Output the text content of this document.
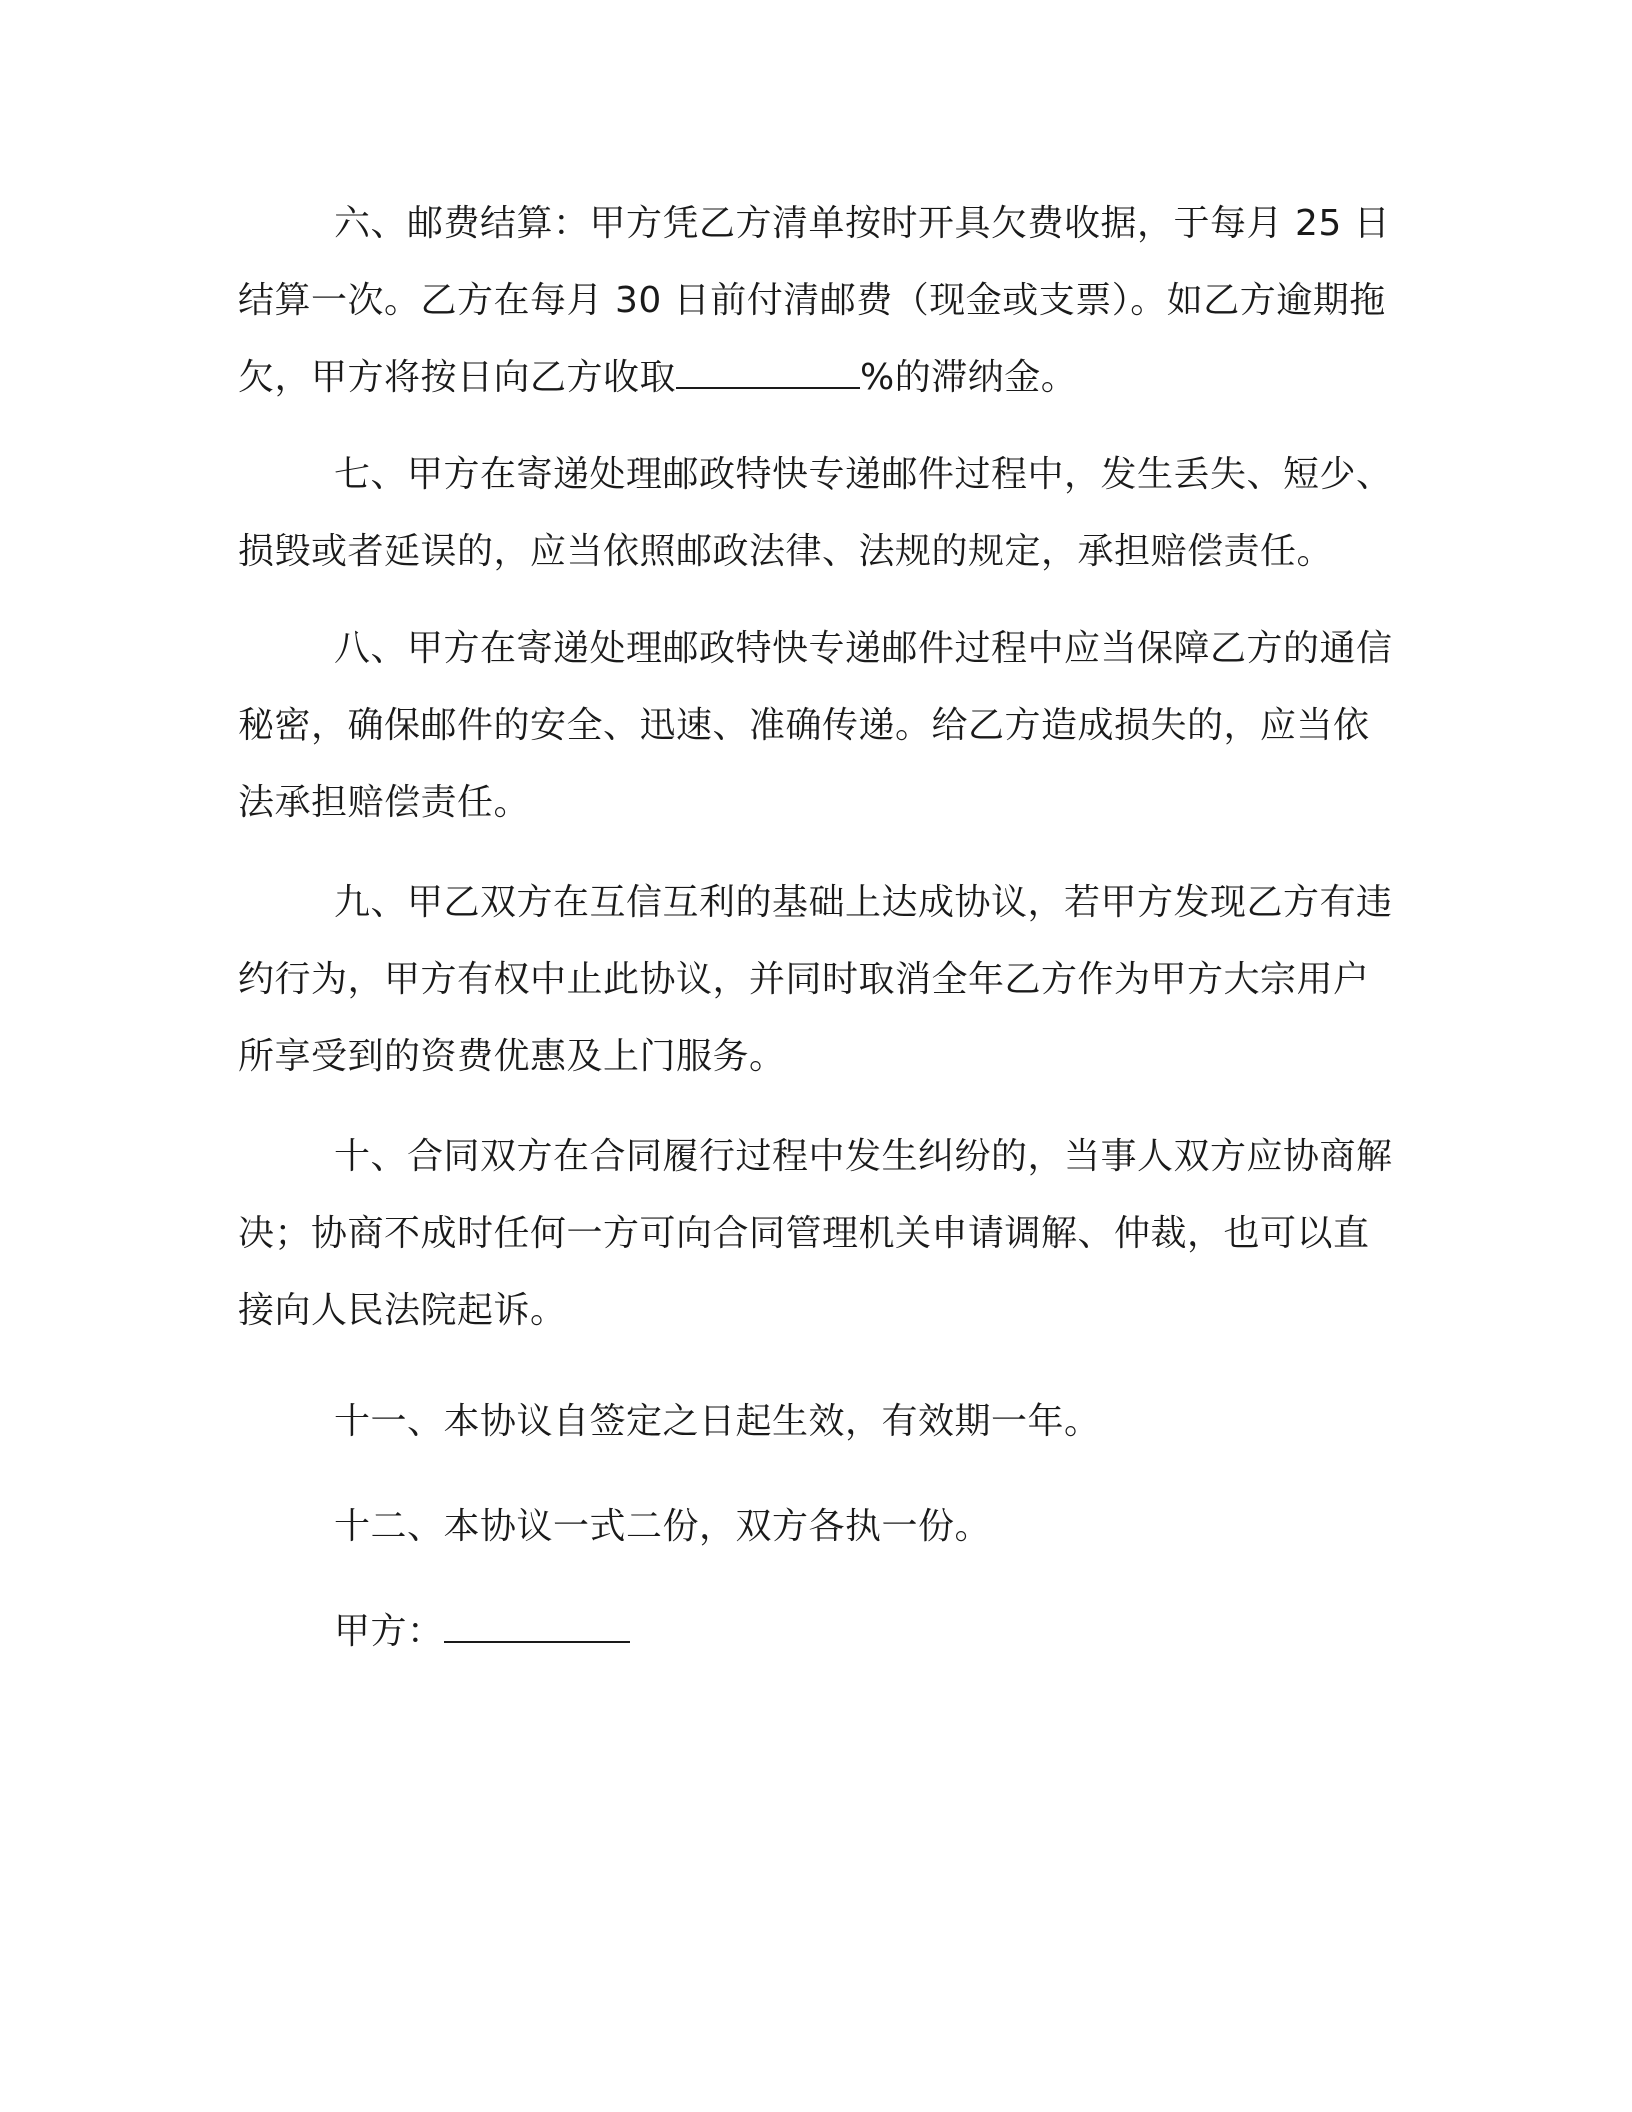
六、邮费结算：甲方凭乙方清单按时开具欠费收据，于每月 25 日结算一次。乙方在每月 30 日前付清邮费（现金或支票）。如乙方逾期拖欠，甲方将按日向乙方收取	%的滞纳金。

七、甲方在寄递处理邮政特快专递邮件过程中，发生丢失、短少、损毁或者延误的，应当依照邮政法律、法规的规定，承担赔偿责任。

八、甲方在寄递处理邮政特快专递邮件过程中应当保障乙方的通信秘密，确保邮件的安全、迅速、准确传递。给乙方造成损失的，应当依法承担赔偿责任。

九、甲乙双方在互信互利的基础上达成协议，若甲方发现乙方有违约行为，甲方有权中止此协议，并同时取消全年乙方作为甲方大宗用户所享受到的资费优惠及上门服务。

十、合同双方在合同履行过程中发生纠纷的，当事人双方应协商解决；协商不成时任何一方可向合同管理机关申请调解、仲裁，也可以直接向人民法院起诉。

十一、本协议自签定之日起生效，有效期一年。

十二、本协议一式二份，双方各执一份。

甲方：
